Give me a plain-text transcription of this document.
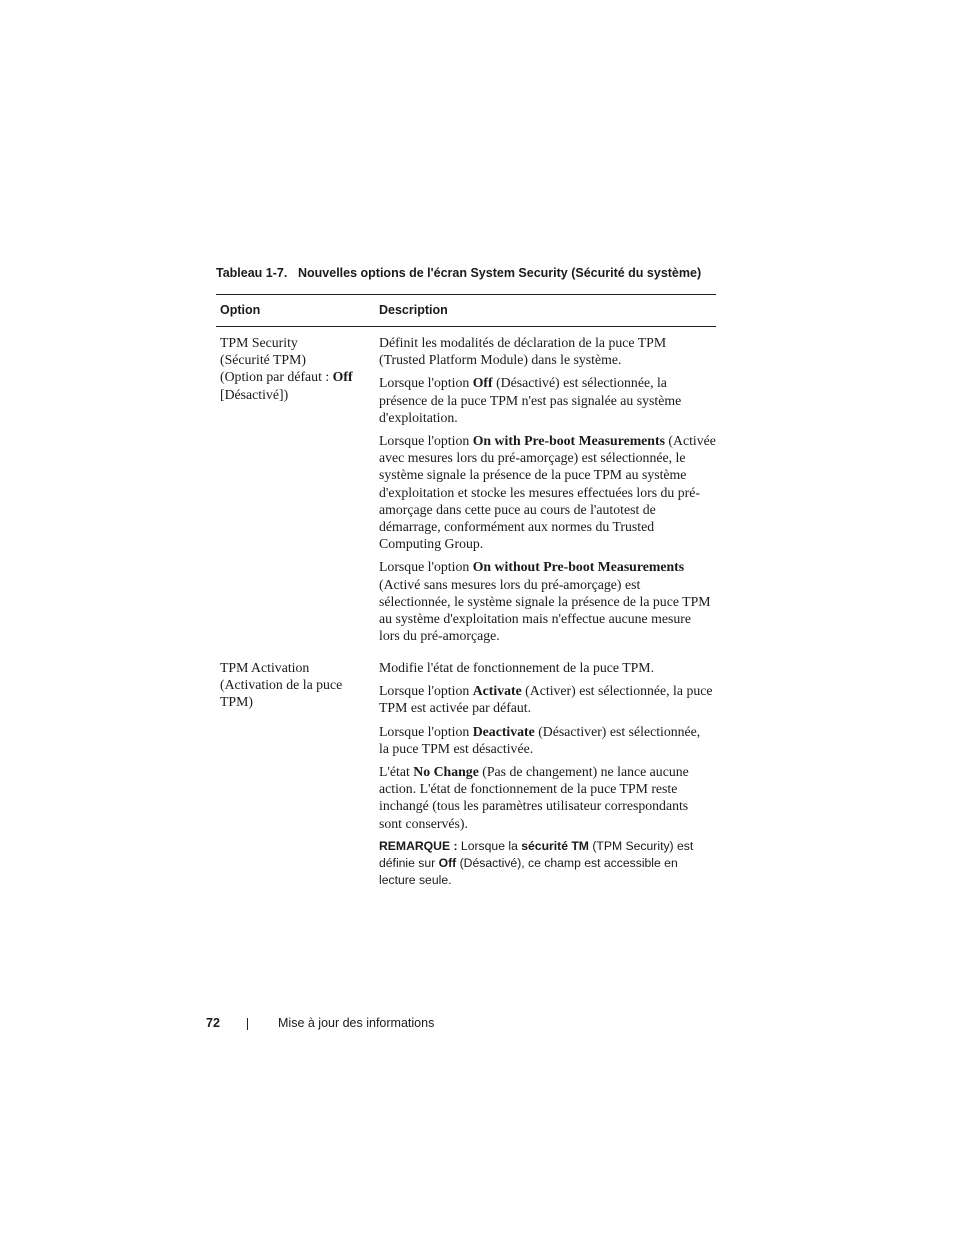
Tableau 1-7. Nouvelles options de l'écran System Security (Sécurité du système)
Option	Description
TPM Security
(Sécurité TPM)
(Option par défaut : Off
[Désactivé])

Définit les modalités de déclaration de la puce TPM
(Trusted Platform Module) dans le système.

Lorsque l'option Off (Désactivé) est sélectionnée, la
présence de la puce TPM n'est pas signalée au système
d'exploitation.

Lorsque l'option On with Pre-boot Measurements (Activée
avec mesures lors du pré-amorçage) est sélectionnée, le
système signale la présence de la puce TPM au système
d'exploitation et stocke les mesures effectuées lors du pré-
amorçage dans cette puce au cours de l'autotest de
démarrage, conformément aux normes du Trusted
Computing Group.

Lorsque l'option On without Pre-boot Measurements
(Activé sans mesures lors du pré-amorçage) est
sélectionnée, le système signale la présence de la puce TPM
au système d'exploitation mais n'effectue aucune mesure
lors du pré-amorçage.

TPM Activation
(Activation de la puce
TPM)

Modifie l'état de fonctionnement de la puce TPM.

Lorsque l'option Activate (Activer) est sélectionnée, la puce
TPM est activée par défaut.

Lorsque l'option Deactivate (Désactiver) est sélectionnée,
la puce TPM est désactivée.

L'état No Change (Pas de changement) ne lance aucune
action. L'état de fonctionnement de la puce TPM reste
inchangé (tous les paramètres utilisateur correspondants
sont conservés).

REMARQUE : Lorsque la sécurité TM (TPM Security) est
définie sur Off (Désactivé), ce champ est accessible en
lecture seule.
72	Mise à jour des informations
